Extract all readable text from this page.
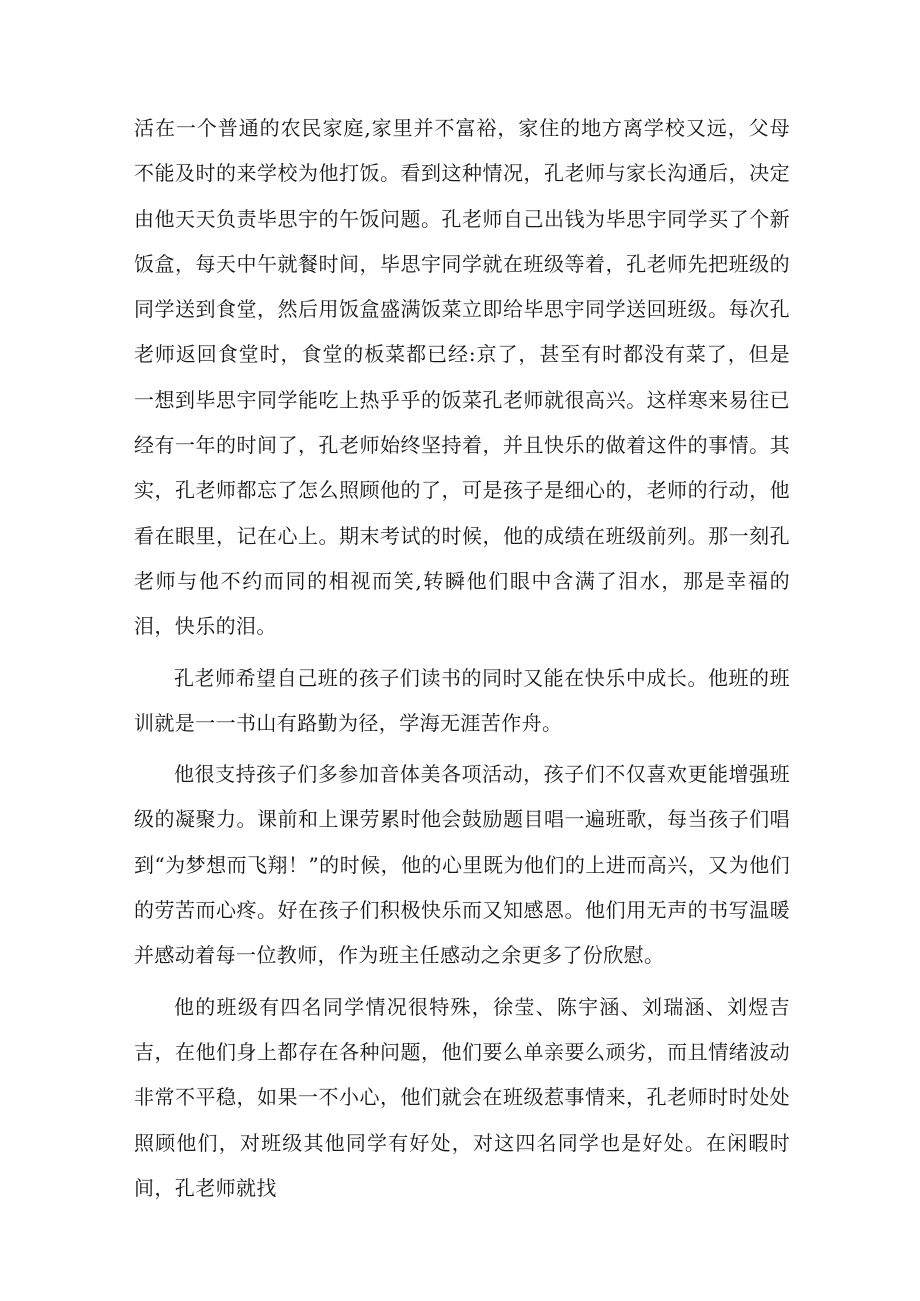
活在一个普通的农民家庭,家里并不富裕，家住的地方离学校又远，父母不能及时的来学校为他打饭。看到这种情况，孔老师与家长沟通后，决定由他天天负责毕思宇的午饭问题。孔老师自己出钱为毕思宇同学买了个新饭盒，每天中午就餐时间，毕思宇同学就在班级等着，孔老师先把班级的同学送到食堂，然后用饭盒盛满饭菜立即给毕思宇同学送回班级。每次孔老师返回食堂时，食堂的板菜都已经:京了，甚至有时都没有菜了，但是一想到毕思宇同学能吃上热乎乎的饭菜孔老师就很高兴。这样寒来易往已经有一年的时间了，孔老师始终坚持着，并且快乐的做着这件的事情。其实，孔老师都忘了怎么照顾他的了，可是孩子是细心的，老师的行动，他看在眼里，记在心上。期末考试的时候，他的成绩在班级前列。那一刻孔老师与他不约而同的相视而笑,转瞬他们眼中含满了泪水，那是幸福的泪，快乐的泪。

孔老师希望自己班的孩子们读书的同时又能在快乐中成长。他班的班训就是一一书山有路勤为径，学海无涯苦作舟。

他很支持孩子们多参加音体美各项活动，孩子们不仅喜欢更能增强班级的凝聚力。课前和上课劳累时他会鼓励题目唱一遍班歌，每当孩子们唱到“为梦想而飞翔！”的时候，他的心里既为他们的上进而高兴，又为他们的劳苦而心疼。好在孩子们积极快乐而又知感恩。他们用无声的书写温暖并感动着每一位教师，作为班主任感动之余更多了份欣慰。

他的班级有四名同学情况很特殊，徐莹、陈宇涵、刘瑞涵、刘煜吉吉，在他们身上都存在各种问题，他们要么单亲要么顽劣，而且情绪波动非常不平稳，如果一不小心，他们就会在班级惹事情来，孔老师时时处处照顾他们，对班级其他同学有好处，对这四名同学也是好处。在闲暇时间，孔老师就找
